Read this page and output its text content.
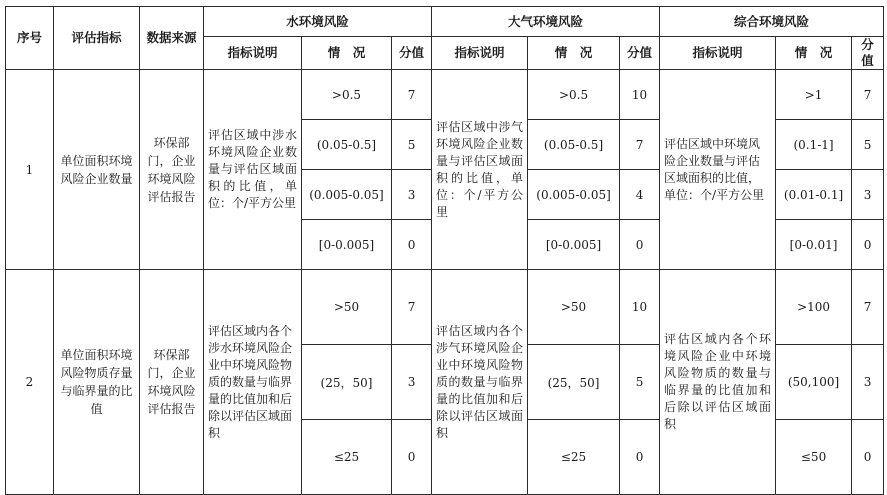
序号	评估指标	数据来源	水环境风险			大气环境风险			综合环境风险		
			指标说明	情　况	分值	指标说明	情　况	分值	指标说明	情　况	分值
1	单位面积环境风险企业数量	环保部门，企业环境风险评估报告	评估区域中涉水环境风险企业数量与评估区域面积的比值，单位：个/平方公里	>0.5	7	评估区域中涉气环境风险企业数量与评估区域面积的比值，单位：个/平方公里	>0.5	10	评估区域中环境风险企业数量与评估区域面积的比值，单位：个/平方公里	>1	7
				(0.05-0.5]	5		(0.05-0.5]	7		(0.1-1]	5
				(0.005-0.05]	3		(0.005-0.05]	4		(0.01-0.1]	3
				[0-0.005]	0		[0-0.005]	0		[0-0.01]	0
2	单位面积环境风险物质存量与临界量的比值	环保部门，企业环境风险评估报告	评估区域内各个涉水环境风险企业中环境风险物质的数量与临界量的比值加和后除以评估区域面积	>50	7	评估区域内各个涉气环境风险企业中环境风险物质的数量与临界量的比值加和后除以评估区域面积	>50	10	评估区域内各个环境风险企业中环境风险物质的数量与临界量的比值加和后除以评估区域面积	>100	7
				(25，50]	3		(25，50]	5		(50,100]	3
				≤25	0		≤25	0		≤50	0
